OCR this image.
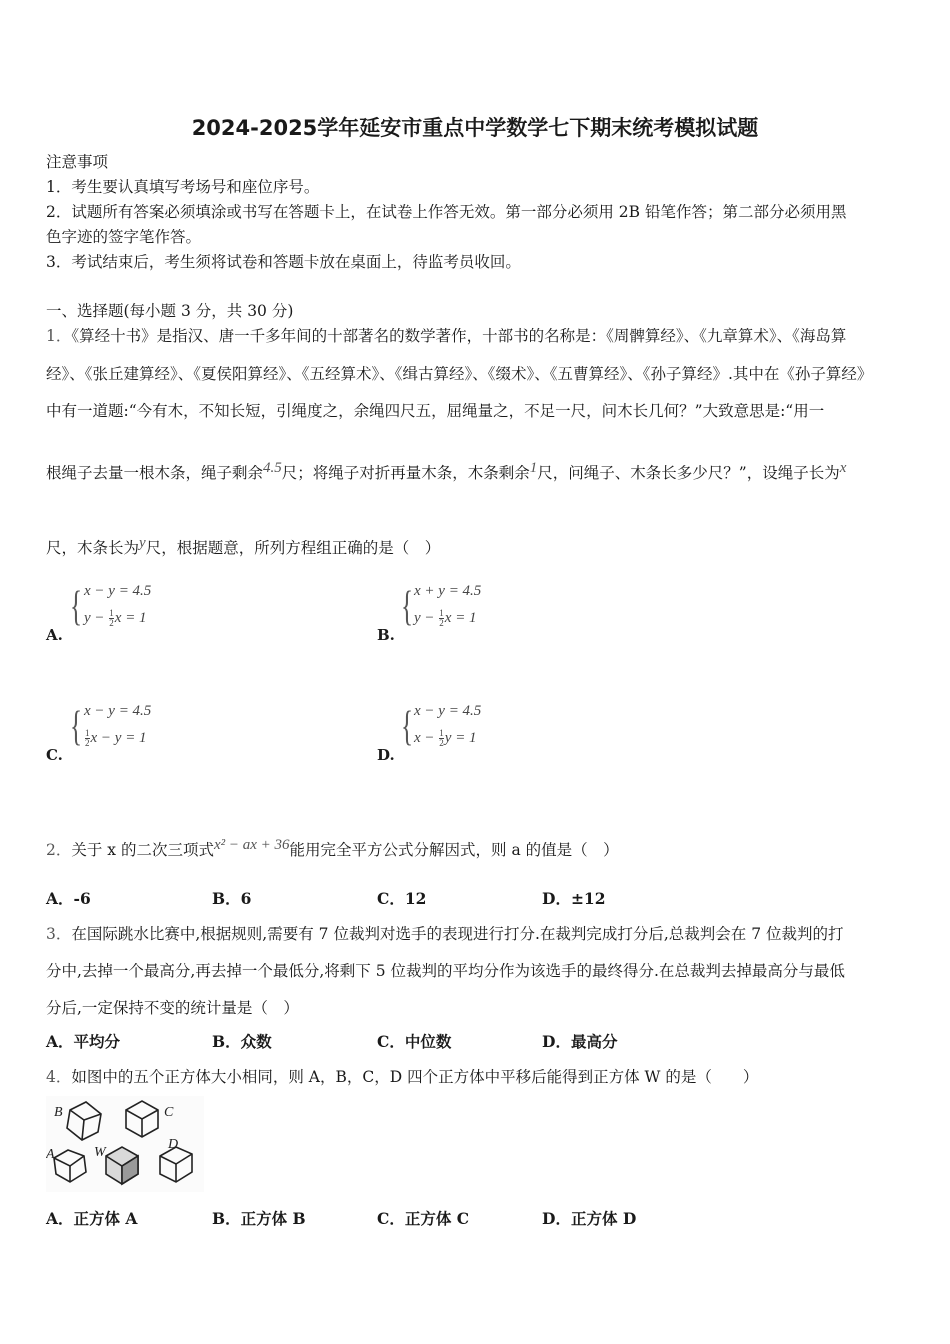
2024-2025学年延安市重点中学数学七下期末统考模拟试题
注意事项
1．考生要认真填写考场号和座位序号。
2．试题所有答案必须填涂或书写在答题卡上，在试卷上作答无效。第一部分必须用 2B 铅笔作答；第二部分必须用黑
色字迹的签字笔作答。
3．考试结束后，考生须将试卷和答题卡放在桌面上，待监考员收回。
一、选择题(每小题 3 分，共 30 分)
1．《算经十书》是指汉、唐一千多年间的十部著名的数学著作，十部书的名称是：《周髀算经》、《九章算术》、《海岛算
经》、《张丘建算经》、《夏侯阳算经》、《五经算术》、《缉古算经》、《缀术》、《五曹算经》、《孙子算经》.其中在《孙子算经》
中有一道题:“今有木，不知长短，引绳度之，余绳四尺五，屈绳量之，不足一尺，问木长几何？”大致意思是:“用一
根绳子去量一根木条，绳子剩余4.5尺；将绳子对折再量木条，木条剩余1尺，问绳子、木条长多少尺？”，设绳子长为x
尺，木条长为y尺，根据题意，所列方程组正确的是（　）
A.
{ x − y = 4.5
$y - \frac{1}{2}$ x = 1
B.
{ x + y = 4.5
$y - \frac{1}{2}$ x = 1
C.
{ x − y = 4.5
$\frac{1}{2}$ x − y = 1
D.
{ x − y = 4.5
$x - \frac{1}{2}$ y = 1
2．关于 x 的二次三项式x² − ax + 36能用完全平方公式分解因式，则 a 的值是（　）
A．-6	B．6	C．12	D．±12
3．在国际跳水比赛中,根据规则,需要有 7 位裁判对选手的表现进行打分.在裁判完成打分后,总裁判会在 7 位裁判的打
分中,去掉一个最高分,再去掉一个最低分,将剩下 5 位裁判的平均分作为该选手的最终得分.在总裁判去掉最高分与最低
分后,一定保持不变的统计量是（　）
A．平均分	B．众数	C．中位数	D．最高分
4．如图中的五个正方体大小相同，则 A，B，C，D 四个正方体中平移后能得到正方体 W 的是（　　）
B	C
A	W
D
A．正方体 A	B．正方体 B	C．正方体 C	D．正方体 D
